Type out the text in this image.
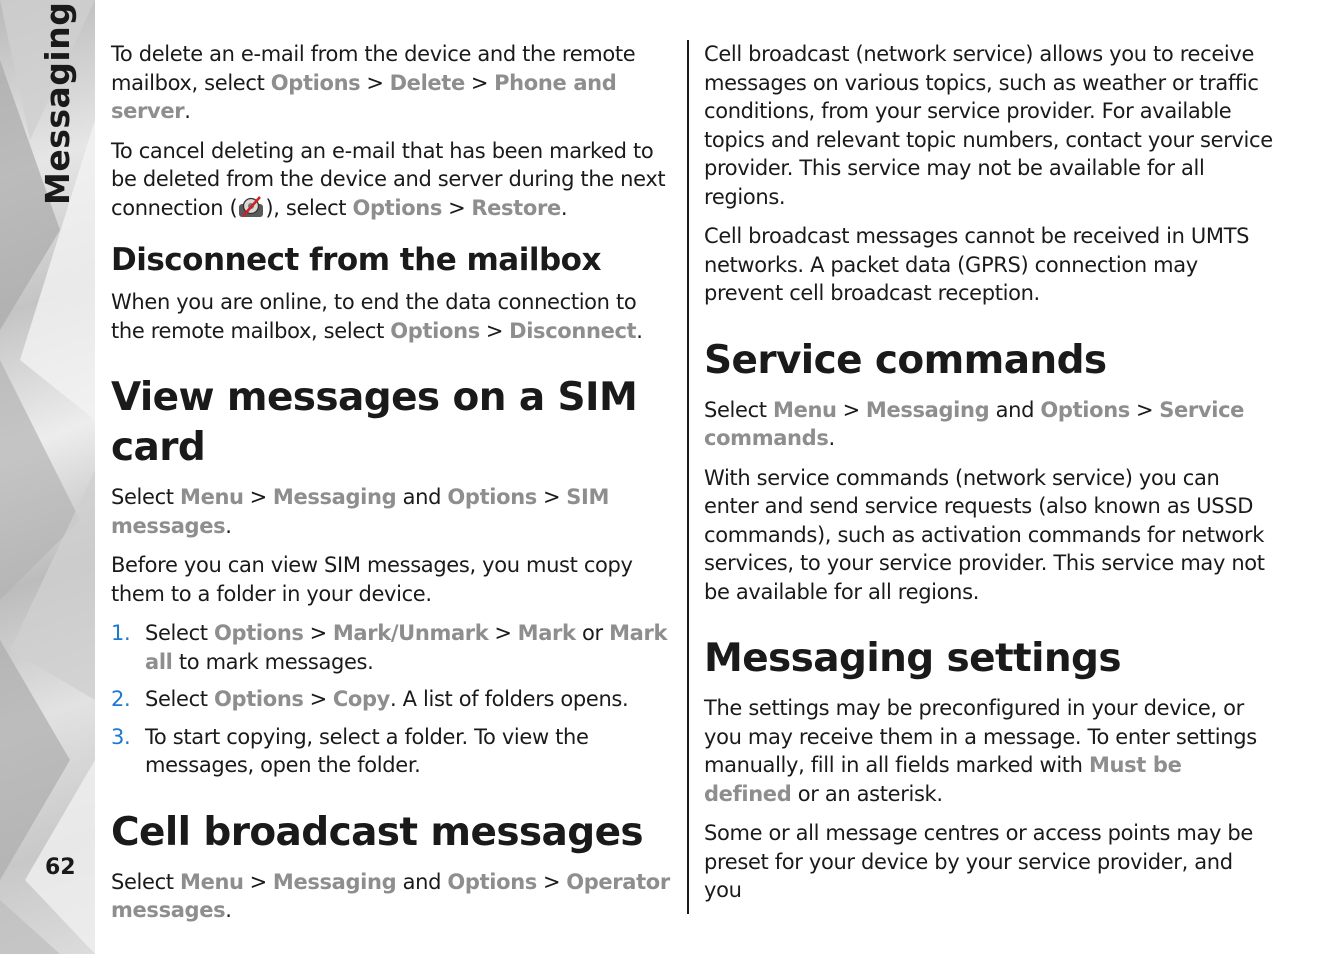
Messaging
62

To delete an e-mail from the device and the remote mailbox, select Options > Delete > Phone and server.

To cancel deleting an e-mail that has been marked to be deleted from the device and server during the next connection ( ), select Options > Restore.

Disconnect from the mailbox

When you are online, to end the data connection to the remote mailbox, select Options > Disconnect.

View messages on a SIM card

Select Menu > Messaging and Options > SIM messages.

Before you can view SIM messages, you must copy them to a folder in your device.

1. Select Options > Mark/Unmark > Mark or Mark all to mark messages.
2. Select Options > Copy. A list of folders opens.
3. To start copying, select a folder. To view the messages, open the folder.
Cell broadcast messages

Select Menu > Messaging and Options > Operator messages.

Cell broadcast (network service) allows you to receive messages on various topics, such as weather or traffic conditions, from your service provider. For available topics and relevant topic numbers, contact your service provider. This service may not be available for all regions.

Cell broadcast messages cannot be received in UMTS networks. A packet data (GPRS) connection may prevent cell broadcast reception.

Service commands

Select Menu > Messaging and Options > Service commands.

With service commands (network service) you can enter and send service requests (also known as USSD commands), such as activation commands for network services, to your service provider. This service may not be available for all regions.

Messaging settings

The settings may be preconfigured in your device, or you may receive them in a message. To enter settings manually, fill in all fields marked with Must be defined or an asterisk.

Some or all message centres or access points may be preset for your device by your service provider, and you
